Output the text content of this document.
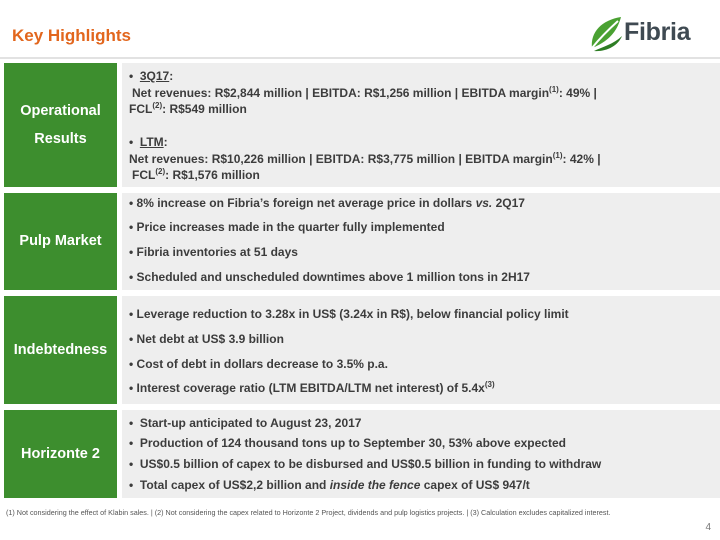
Key Highlights	Fibria
Operational
Results
•  3Q17:
Net revenues: R$2,844 million | EBITDA: R$1,256 million | EBITDA margin$^{(1)}$: 49% |
FCL$^{(2)}$: R$549 million
•  LTM:
Net revenues: R$10,226 million | EBITDA: R$3,775 million | EBITDA margin$^{(1)}$: 42% |
FCL$^{(2)}$: R$1,576 million
Pulp Market
• 8% increase on Fibria’s foreign net average price in dollars vs. 2Q17
• Price increases made in the quarter fully implemented
• Fibria inventories at 51 days
• Scheduled and unscheduled downtimes above 1 million tons in 2H17
Indebtedness
• Leverage reduction to 3.28x in US$ (3.24x in R$), below financial policy limit
• Net debt at US$ 3.9 billion
• Cost of debt in dollars decrease to 3.5% p.a.
• Interest coverage ratio (LTM EBITDA/LTM net interest) of $5.4x^{(3)}$
Horizonte 2
•  Start-up anticipated to August 23, 2017
•  Production of 124 thousand tons up to September 30, 53% above expected
•  US$0.5 billion of capex to be disbursed and US$0.5 billion in funding to withdraw
•  Total capex of US$2,2 billion and inside the fence capex of US$ 947/t
(1) Not considering the effect of Klabin sales. | (2) Not considering the capex related to Horizonte 2 Project, dividends and pulp logistics projects. | (3) Calculation excludes capitalized interest.
4
